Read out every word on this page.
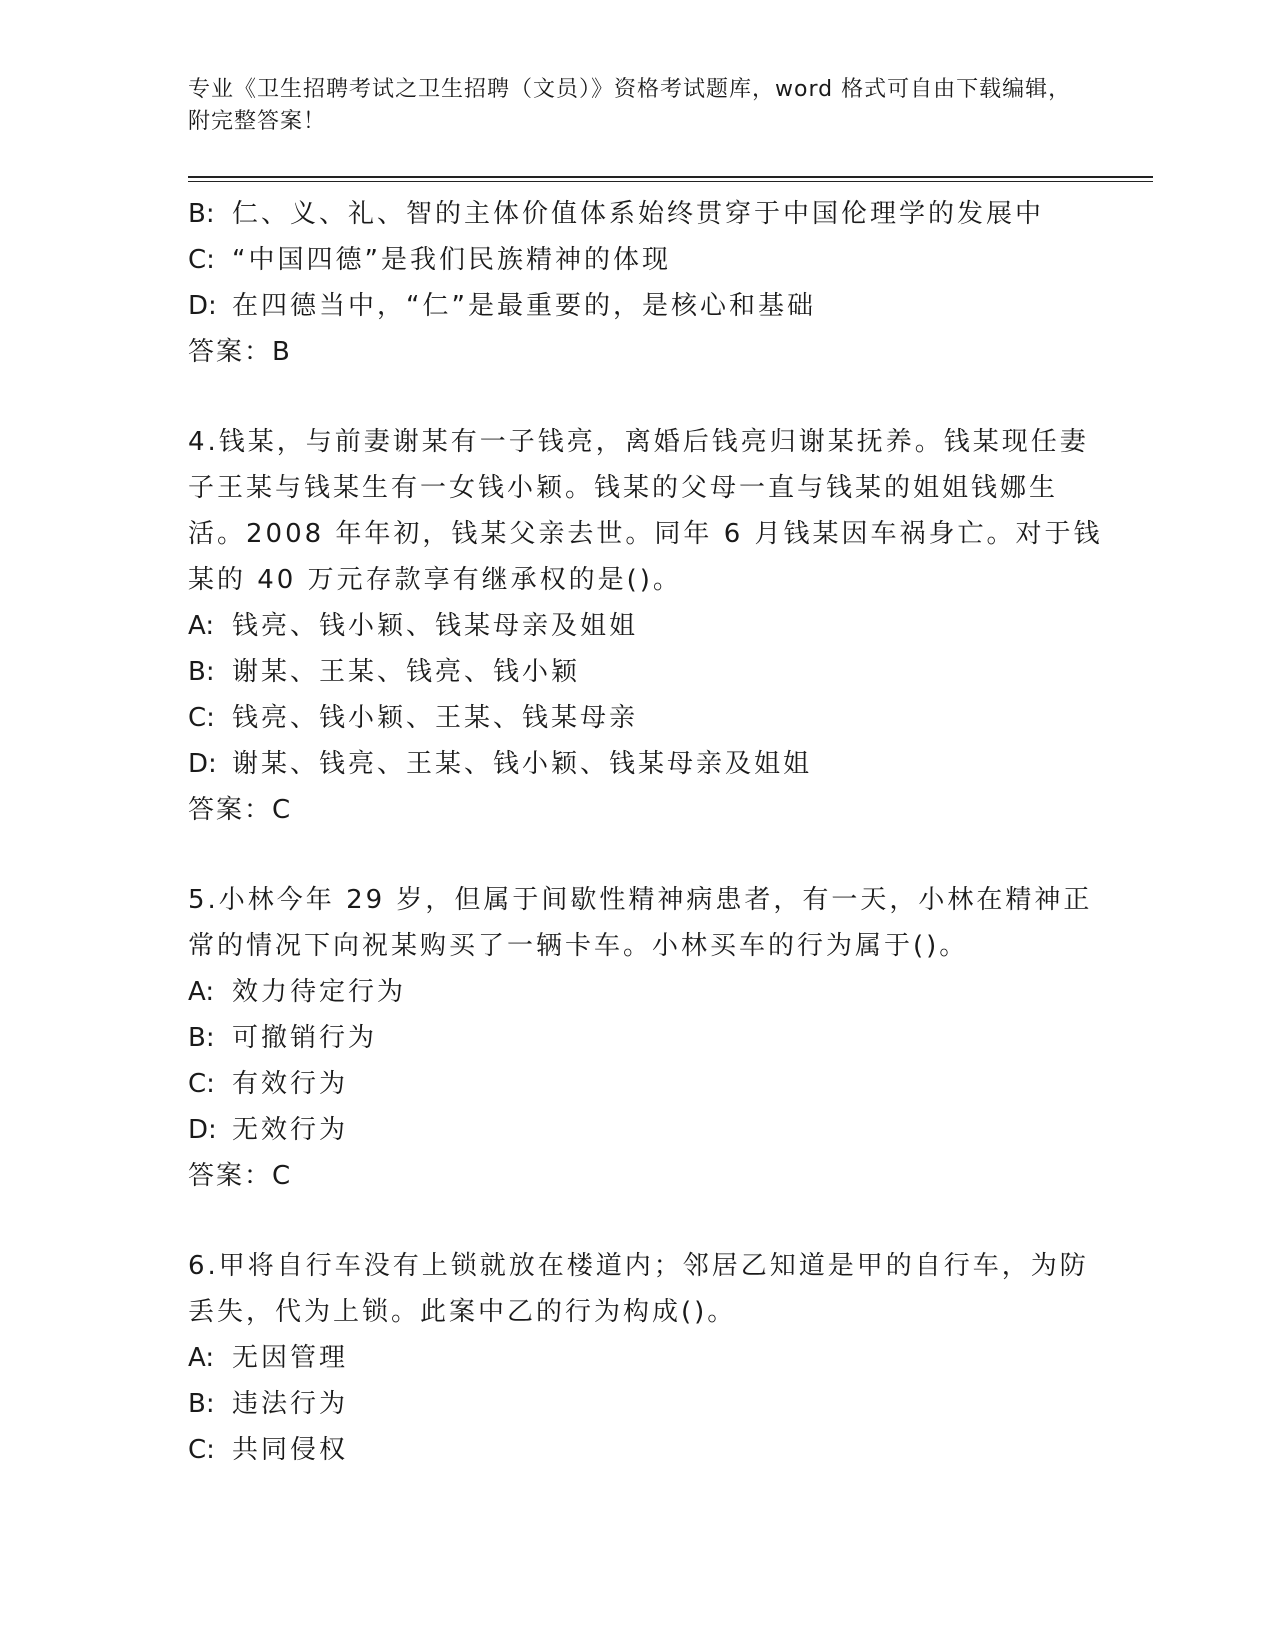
专业《卫生招聘考试之卫生招聘（文员）》资格考试题库，word 格式可自由下载编辑，附完整答案！

B: 仁、义、礼、智的主体价值体系始终贯穿于中国伦理学的发展中

C: “中国四德”是我们民族精神的体现

D: 在四德当中，“仁”是最重要的，是核心和基础

答案：B

4.钱某，与前妻谢某有一子钱亮，离婚后钱亮归谢某抚养。钱某现任妻子王某与钱某生有一女钱小颖。钱某的父母一直与钱某的姐姐钱娜生活。2008 年年初，钱某父亲去世。同年 6 月钱某因车祸身亡。对于钱某的 40 万元存款享有继承权的是()。

A: 钱亮、钱小颖、钱某母亲及姐姐

B: 谢某、王某、钱亮、钱小颖

C: 钱亮、钱小颖、王某、钱某母亲

D: 谢某、钱亮、王某、钱小颖、钱某母亲及姐姐

答案：C

5.小林今年 29 岁，但属于间歇性精神病患者，有一天，小林在精神正常的情况下向祝某购买了一辆卡车。小林买车的行为属于()。

A: 效力待定行为

B: 可撤销行为

C: 有效行为

D: 无效行为

答案：C

6.甲将自行车没有上锁就放在楼道内；邻居乙知道是甲的自行车，为防丢失，代为上锁。此案中乙的行为构成()。

A: 无因管理

B: 违法行为

C: 共同侵权
